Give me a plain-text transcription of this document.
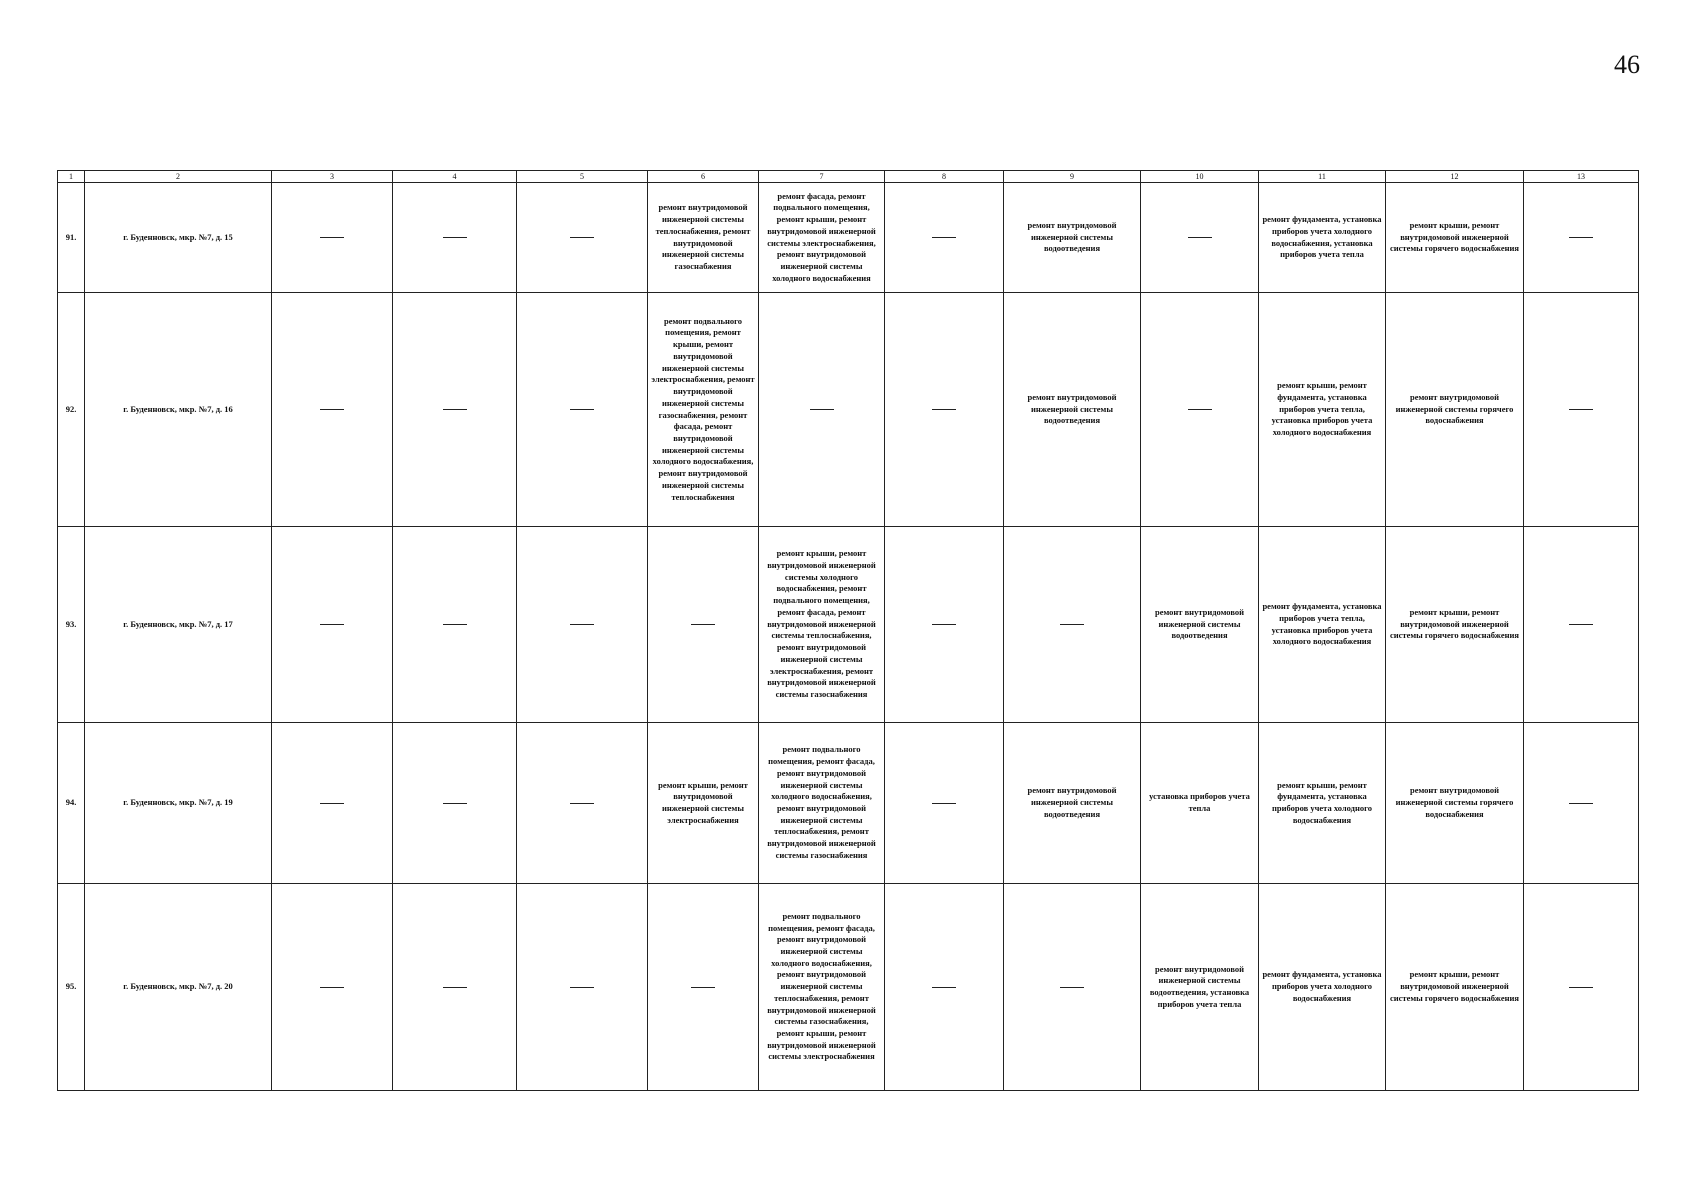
46
1	2	3	4	5	6	7	8	9	10	11	12	13
91.	г. Буденновск, мкр. №7, д. 15				ремонт внутридомовой инженерной системы теплоснабжения, ремонт внутридомовой инженерной системы газоснабжения	ремонт фасада, ремонт подвального помещения, ремонт крыши, ремонт внутридомовой инженерной системы электроснабжения, ремонт внутридомовой инженерной системы холодного водоснабжения		ремонт внутридомовой инженерной системы водоотведения		ремонт фундамента, установка приборов учета холодного водоснабжения, установка приборов учета тепла	ремонт крыши, ремонт внутридомовой инженерной системы горячего водоснабжения	
92.	г. Буденновск, мкр. №7, д. 16				ремонт подвального помещения, ремонт крыши, ремонт внутридомовой инженерной системы электроснабжения, ремонт внутридомовой инженерной системы газоснабжения, ремонт фасада, ремонт внутридомовой инженерной системы холодного водоснабжения, ремонт внутридомовой инженерной системы теплоснабжения			ремонт внутридомовой инженерной системы водоотведения		ремонт крыши, ремонт фундамента, установка приборов учета тепла, установка приборов учета холодного водоснабжения	ремонт внутридомовой инженерной системы горячего водоснабжения	
93.	г. Буденновск, мкр. №7, д. 17					ремонт крыши, ремонт внутридомовой инженерной системы холодного водоснабжения, ремонт подвального помещения, ремонт фасада, ремонт внутридомовой инженерной системы теплоснабжения, ремонт внутридомовой инженерной системы электроснабжения, ремонт внутридомовой инженерной системы газоснабжения			ремонт внутридомовой инженерной системы водоотведения	ремонт фундамента, установка приборов учета тепла, установка приборов учета холодного водоснабжения	ремонт крыши, ремонт внутридомовой инженерной системы горячего водоснабжения	
94.	г. Буденновск, мкр. №7, д. 19				ремонт крыши, ремонт внутридомовой инженерной системы электроснабжения	ремонт подвального помещения, ремонт фасада, ремонт внутридомовой инженерной системы холодного водоснабжения, ремонт внутридомовой инженерной системы теплоснабжения, ремонт внутридомовой инженерной системы газоснабжения		ремонт внутридомовой инженерной системы водоотведения	установка приборов учета тепла	ремонт крыши, ремонт фундамента, установка приборов учета холодного водоснабжения	ремонт внутридомовой инженерной системы горячего водоснабжения	
95.	г. Буденновск, мкр. №7, д. 20					ремонт подвального помещения, ремонт фасада, ремонт внутридомовой инженерной системы холодного водоснабжения, ремонт внутридомовой инженерной системы теплоснабжения, ремонт внутридомовой инженерной системы газоснабжения, ремонт крыши, ремонт внутридомовой инженерной системы электроснабжения			ремонт внутридомовой инженерной системы водоотведения, установка приборов учета тепла	ремонт фундамента, установка приборов учета холодного водоснабжения	ремонт крыши, ремонт внутридомовой инженерной системы горячего водоснабжения	
